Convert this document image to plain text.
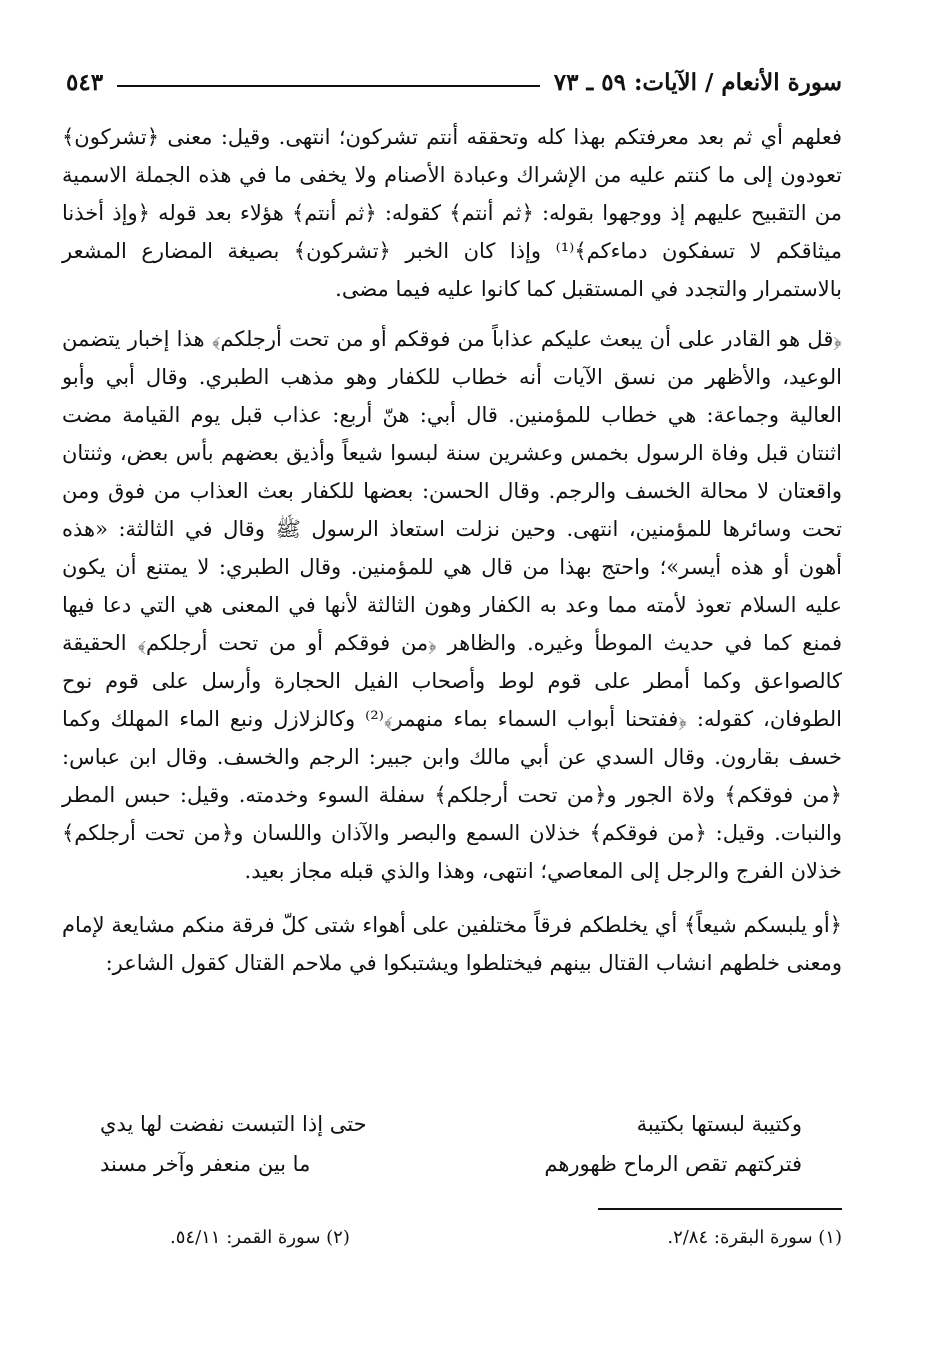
سورة الأنعام / الآيات: ٥٩ ـ ٧٣
٥٤٣

فعلهم أي ثم بعد معرفتكم بهذا كله وتحققه أنتم تشركون؛ انتهى. وقيل: معنى ﴿تشركون﴾ تعودون إلى ما كنتم عليه من الإشراك وعبادة الأصنام ولا يخفى ما في هذه الجملة الاسمية من التقبيح عليهم إذ ووجهوا بقوله: ﴿ثم أنتم﴾ كقوله: ﴿ثم أنتم﴾ هؤلاء بعد قوله ﴿وإذ أخذنا ميثاقكم لا تسفكون دماءكم﴾⁽¹⁾ وإذا كان الخبر ﴿تشركون﴾ بصيغة المضارع المشعر بالاستمرار والتجدد في المستقبل كما كانوا عليه فيما مضى.

﴿قل هو القادر على أن يبعث عليكم عذاباً من فوقكم أو من تحت أرجلكم﴾ هذا إخبار يتضمن الوعيد، والأظهر من نسق الآيات أنه خطاب للكفار وهو مذهب الطبري. وقال أبي وأبو العالية وجماعة: هي خطاب للمؤمنين. قال أبي: هنّ أربع: عذاب قبل يوم القيامة مضت اثنتان قبل وفاة الرسول بخمس وعشرين سنة لبسوا شيعاً وأذيق بعضهم بأس بعض، وثنتان واقعتان لا محالة الخسف والرجم. وقال الحسن: بعضها للكفار بعث العذاب من فوق ومن تحت وسائرها للمؤمنين، انتهى. وحين نزلت استعاذ الرسول ﷺ وقال في الثالثة: «هذه أهون أو هذه أيسر»؛ واحتج بهذا من قال هي للمؤمنين. وقال الطبري: لا يمتنع أن يكون عليه السلام تعوذ لأمته مما وعد به الكفار وهون الثالثة لأنها في المعنى هي التي دعا فيها فمنع كما في حديث الموطأ وغيره. والظاهر ﴿من فوقكم أو من تحت أرجلكم﴾ الحقيقة كالصواعق وكما أمطر على قوم لوط وأصحاب الفيل الحجارة وأرسل على قوم نوح الطوفان، كقوله: ﴿ففتحنا أبواب السماء بماء منهمر﴾⁽²⁾ وكالزلازل ونبع الماء المهلك وكما خسف بقارون. وقال السدي عن أبي مالك وابن جبير: الرجم والخسف. وقال ابن عباس: ﴿من فوقكم﴾ ولاة الجور و﴿من تحت أرجلكم﴾ سفلة السوء وخدمته. وقيل: حبس المطر والنبات. وقيل: ﴿من فوقكم﴾ خذلان السمع والبصر والآذان واللسان و﴿من تحت أرجلكم﴾ خذلان الفرج والرجل إلى المعاصي؛ انتهى، وهذا والذي قبله مجاز بعيد.

﴿أو يلبسكم شيعاً﴾ أي يخلطكم فرقاً مختلفين على أهواء شتى كلّ فرقة منكم مشايعة لإمام ومعنى خلطهم انشاب القتال بينهم فيختلطوا ويشتبكوا في ملاحم القتال كقول الشاعر:

وكتيبة لبستها بكتيبة
حتى إذا التبست نفضت لها يدي
فتركتهم تقص الرماح ظهورهم
ما بين منعفر وآخر مسند
(١) سورة البقرة: ٢/٨٤.
(٢) سورة القمر: ٥٤/١١.
